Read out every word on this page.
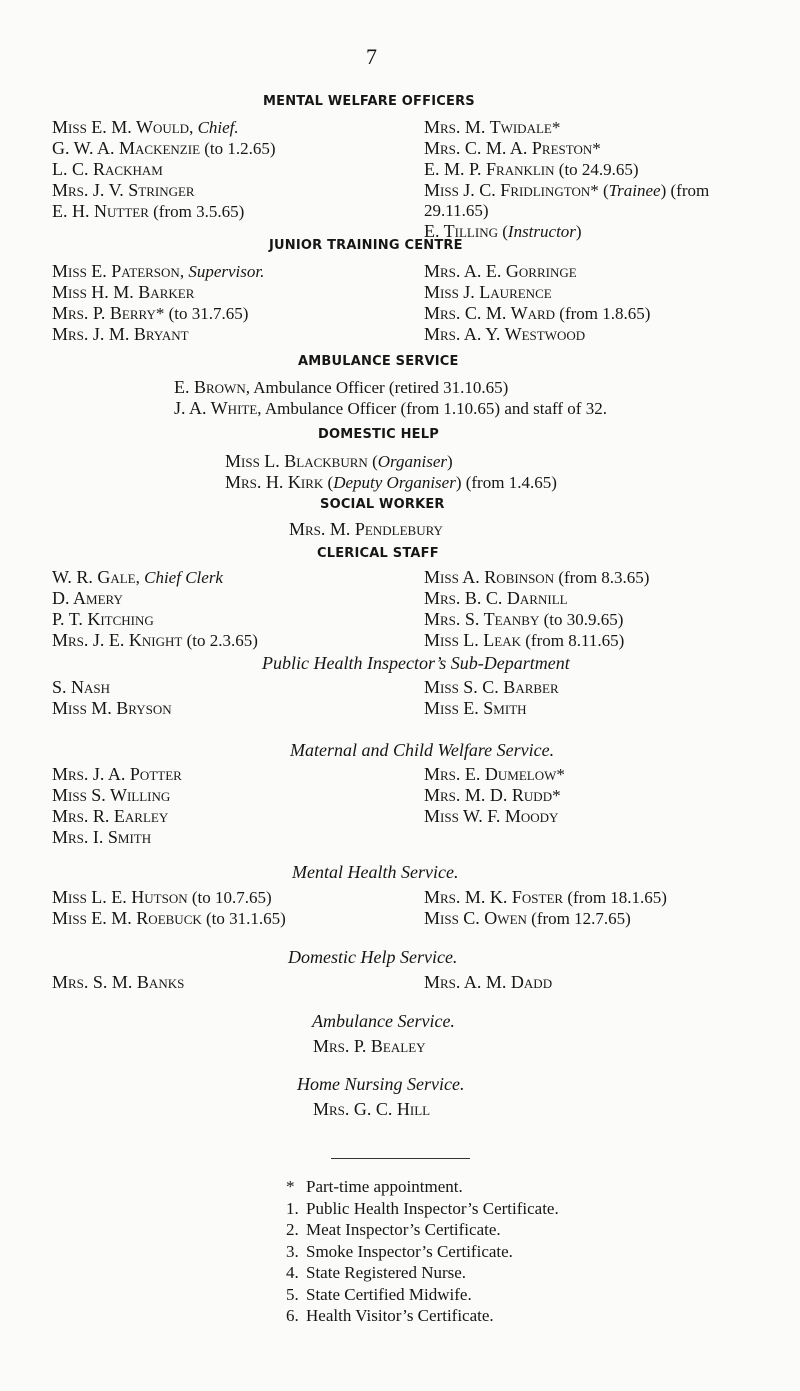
7
MENTAL WELFARE OFFICERS
Miss E. M. Would, Chief.
G. W. A. Mackenzie (to 1.2.65)
L. C. Rackham
Mrs. J. V. Stringer
E. H. Nutter (from 3.5.65)
Mrs. M. Twidale*
Mrs. C. M. A. Preston*
E. M. P. Franklin (to 24.9.65)
Miss J. C. Fridlington* (Trainee) (from
29.11.65)
E. Tilling (Instructor)
JUNIOR TRAINING CENTRE
Miss E. Paterson, Supervisor.
Miss H. M. Barker
Mrs. P. Berry* (to 31.7.65)
Mrs. J. M. Bryant
Mrs. A. E. Gorringe
Miss J. Laurence
Mrs. C. M. Ward (from 1.8.65)
Mrs. A. Y. Westwood
AMBULANCE SERVICE
E. Brown, Ambulance Officer (retired 31.10.65)
J. A. White, Ambulance Officer (from 1.10.65) and staff of 32.
DOMESTIC HELP
Miss L. Blackburn (Organiser)
Mrs. H. Kirk (Deputy Organiser) (from 1.4.65)
SOCIAL WORKER
Mrs. M. Pendlebury
CLERICAL STAFF
W. R. Gale, Chief Clerk
D. Amery
P. T. Kitching
Mrs. J. E. Knight (to 2.3.65)
Miss A. Robinson (from 8.3.65)
Mrs. B. C. Darnill
Mrs. S. Teanby (to 30.9.65)
Miss L. Leak (from 8.11.65)
Public Health Inspector’s Sub-Department
S. Nash
Miss M. Bryson
Miss S. C. Barber
Miss E. Smith
Maternal and Child Welfare Service.
Mrs. J. A. Potter
Miss S. Willing
Mrs. R. Earley
Mrs. I. Smith
Mrs. E. Dumelow*
Mrs. M. D. Rudd*
Miss W. F. Moody
Mental Health Service.
Miss L. E. Hutson (to 10.7.65)
Miss E. M. Roebuck (to 31.1.65)
Mrs. M. K. Foster (from 18.1.65)
Miss C. Owen (from 12.7.65)
Domestic Help Service.
Mrs. S. M. Banks	Mrs. A. M. Dadd
Ambulance Service.
Mrs. P. Bealey
Home Nursing Service.
Mrs. G. C. Hill
* Part-time appointment.
1. Public Health Inspector’s Certificate.
2. Meat Inspector’s Certificate.
3. Smoke Inspector’s Certificate.
4. State Registered Nurse.
5. State Certified Midwife.
6. Health Visitor’s Certificate.
